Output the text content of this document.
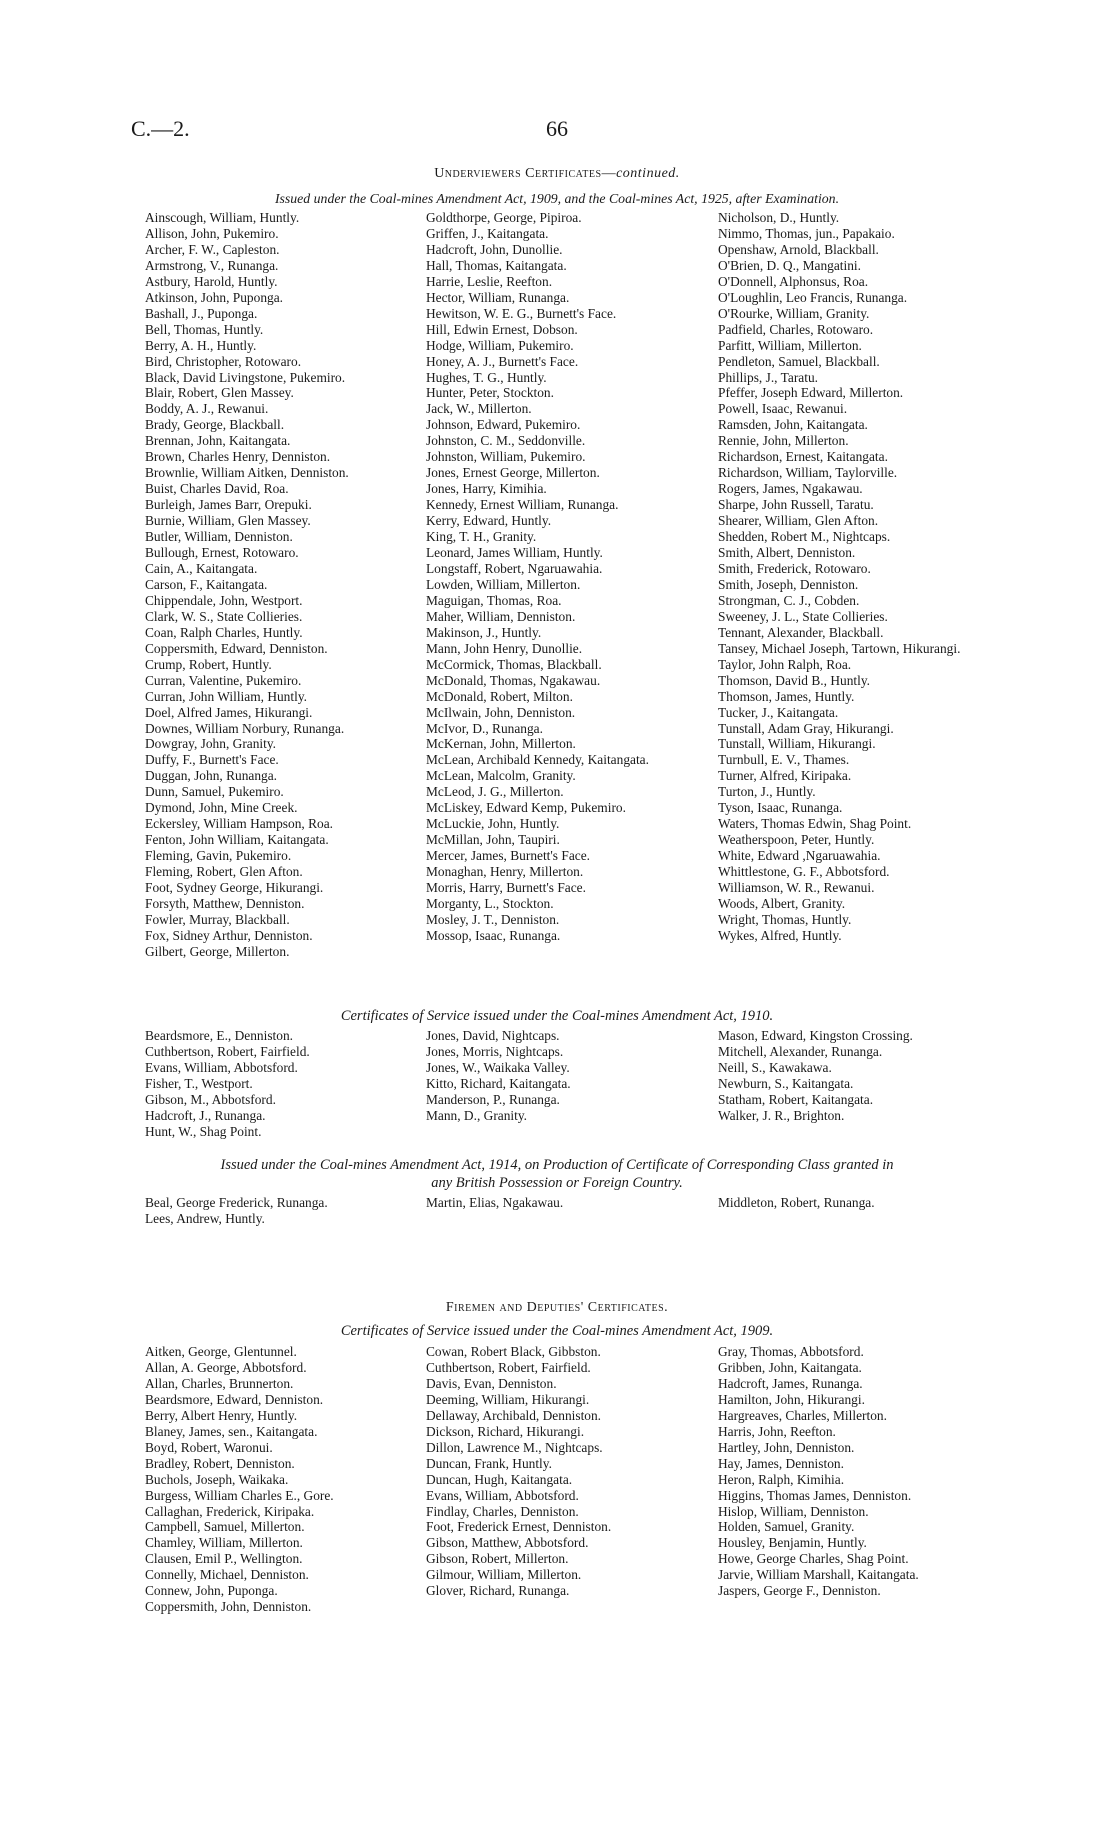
C.—2.	66
Underviewers Certificates—continued.
Issued under the Coal-mines Amendment Act, 1909, and the Coal-mines Act, 1925, after Examination.
Ainscough, William, Huntly.
Allison, John, Pukemiro.
Archer, F. W., Capleston.
Armstrong, V., Runanga.
Astbury, Harold, Huntly.
Atkinson, John, Puponga.
Bashall, J., Puponga.
Bell, Thomas, Huntly.
Berry, A. H., Huntly.
Bird, Christopher, Rotowaro.
Black, David Livingstone, Pukemiro.
Blair, Robert, Glen Massey.
Boddy, A. J., Rewanui.
Brady, George, Blackball.
Brennan, John, Kaitangata.
Brown, Charles Henry, Denniston.
Brownlie, William Aitken, Denniston.
Buist, Charles David, Roa.
Burleigh, James Barr, Orepuki.
Burnie, William, Glen Massey.
Butler, William, Denniston.
Bullough, Ernest, Rotowaro.
Cain, A., Kaitangata.
Carson, F., Kaitangata.
Chippendale, John, Westport.
Clark, W. S., State Collieries.
Coan, Ralph Charles, Huntly.
Coppersmith, Edward, Denniston.
Crump, Robert, Huntly.
Curran, Valentine, Pukemiro.
Curran, John William, Huntly.
Doel, Alfred James, Hikurangi.
Downes, William Norbury, Runanga.
Dowgray, John, Granity.
Duffy, F., Burnett's Face.
Duggan, John, Runanga.
Dunn, Samuel, Pukemiro.
Dymond, John, Mine Creek.
Eckersley, William Hampson, Roa.
Fenton, John William, Kaitangata.
Fleming, Gavin, Pukemiro.
Fleming, Robert, Glen Afton.
Foot, Sydney George, Hikurangi.
Forsyth, Matthew, Denniston.
Fowler, Murray, Blackball.
Fox, Sidney Arthur, Denniston.
Gilbert, George, Millerton.
Goldthorpe, George, Pipiroa.
Griffen, J., Kaitangata.
Hadcroft, John, Dunollie.
Hall, Thomas, Kaitangata.
Harrie, Leslie, Reefton.
Hector, William, Runanga.
Hewitson, W. E. G., Burnett's Face.
Hill, Edwin Ernest, Dobson.
Hodge, William, Pukemiro.
Honey, A. J., Burnett's Face.
Hughes, T. G., Huntly.
Hunter, Peter, Stockton.
Jack, W., Millerton.
Johnson, Edward, Pukemiro.
Johnston, C. M., Seddonville.
Johnston, William, Pukemiro.
Jones, Ernest George, Millerton.
Jones, Harry, Kimihia.
Kennedy, Ernest William, Runanga.
Kerry, Edward, Huntly.
King, T. H., Granity.
Leonard, James William, Huntly.
Longstaff, Robert, Ngaruawahia.
Lowden, William, Millerton.
Maguigan, Thomas, Roa.
Maher, William, Denniston.
Makinson, J., Huntly.
Mann, John Henry, Dunollie.
McCormick, Thomas, Blackball.
McDonald, Thomas, Ngakawau.
McDonald, Robert, Milton.
McIlwain, John, Denniston.
McIvor, D., Runanga.
McKernan, John, Millerton.
McLean, Archibald Kennedy, Kaitangata.
McLean, Malcolm, Granity.
McLeod, J. G., Millerton.
McLiskey, Edward Kemp, Pukemiro.
McLuckie, John, Huntly.
McMillan, John, Taupiri.
Mercer, James, Burnett's Face.
Monaghan, Henry, Millerton.
Morris, Harry, Burnett's Face.
Morganty, L., Stockton.
Mosley, J. T., Denniston.
Mossop, Isaac, Runanga.
Nicholson, D., Huntly.
Nimmo, Thomas, jun., Papakaio.
Openshaw, Arnold, Blackball.
O'Brien, D. Q., Mangatini.
O'Donnell, Alphonsus, Roa.
O'Loughlin, Leo Francis, Runanga.
O'Rourke, William, Granity.
Padfield, Charles, Rotowaro.
Parfitt, William, Millerton.
Pendleton, Samuel, Blackball.
Phillips, J., Taratu.
Pfeffer, Joseph Edward, Millerton.
Powell, Isaac, Rewanui.
Ramsden, John, Kaitangata.
Rennie, John, Millerton.
Richardson, Ernest, Kaitangata.
Richardson, William, Taylorville.
Rogers, James, Ngakawau.
Sharpe, John Russell, Taratu.
Shearer, William, Glen Afton.
Shedden, Robert M., Nightcaps.
Smith, Albert, Denniston.
Smith, Frederick, Rotowaro.
Smith, Joseph, Denniston.
Strongman, C. J., Cobden.
Sweeney, J. L., State Collieries.
Tennant, Alexander, Blackball.
Tansey, Michael Joseph, Tartown, Hikurangi.
Taylor, John Ralph, Roa.
Thomson, David B., Huntly.
Thomson, James, Huntly.
Tucker, J., Kaitangata.
Tunstall, Adam Gray, Hikurangi.
Tunstall, William, Hikurangi.
Turnbull, E. V., Thames.
Turner, Alfred, Kiripaka.
Turton, J., Huntly.
Tyson, Isaac, Runanga.
Waters, Thomas Edwin, Shag Point.
Weatherspoon, Peter, Huntly.
White, Edward ,Ngaruawahia.
Whittlestone, G. F., Abbotsford.
Williamson, W. R., Rewanui.
Woods, Albert, Granity.
Wright, Thomas, Huntly.
Wykes, Alfred, Huntly.
Certificates of Service issued under the Coal-mines Amendment Act, 1910.
Beardsmore, E., Denniston.
Cuthbertson, Robert, Fairfield.
Evans, William, Abbotsford.
Fisher, T., Westport.
Gibson, M., Abbotsford.
Hadcroft, J., Runanga.
Hunt, W., Shag Point.
Jones, David, Nightcaps.
Jones, Morris, Nightcaps.
Jones, W., Waikaka Valley.
Kitto, Richard, Kaitangata.
Manderson, P., Runanga.
Mann, D., Granity.
Mason, Edward, Kingston Crossing.
Mitchell, Alexander, Runanga.
Neill, S., Kawakawa.
Newburn, S., Kaitangata.
Statham, Robert, Kaitangata.
Walker, J. R., Brighton.
Issued under the Coal-mines Amendment Act, 1914, on Production of Certificate of Corresponding Class granted in
any British Possession or Foreign Country.
Beal, George Frederick, Runanga.
Lees, Andrew, Huntly.
Martin, Elias, Ngakawau.	Middleton, Robert, Runanga.
Firemen and Deputies' Certificates.
Certificates of Service issued under the Coal-mines Amendment Act, 1909.
Aitken, George, Glentunnel.
Allan, A. George, Abbotsford.
Allan, Charles, Brunnerton.
Beardsmore, Edward, Denniston.
Berry, Albert Henry, Huntly.
Blaney, James, sen., Kaitangata.
Boyd, Robert, Waronui.
Bradley, Robert, Denniston.
Buchols, Joseph, Waikaka.
Burgess, William Charles E., Gore.
Callaghan, Frederick, Kiripaka.
Campbell, Samuel, Millerton.
Chamley, William, Millerton.
Clausen, Emil P., Wellington.
Connelly, Michael, Denniston.
Connew, John, Puponga.
Coppersmith, John, Denniston.
Cowan, Robert Black, Gibbston.
Cuthbertson, Robert, Fairfield.
Davis, Evan, Denniston.
Deeming, William, Hikurangi.
Dellaway, Archibald, Denniston.
Dickson, Richard, Hikurangi.
Dillon, Lawrence M., Nightcaps.
Duncan, Frank, Huntly.
Duncan, Hugh, Kaitangata.
Evans, William, Abbotsford.
Findlay, Charles, Denniston.
Foot, Frederick Ernest, Denniston.
Gibson, Matthew, Abbotsford.
Gibson, Robert, Millerton.
Gilmour, William, Millerton.
Glover, Richard, Runanga.
Gray, Thomas, Abbotsford.
Gribben, John, Kaitangata.
Hadcroft, James, Runanga.
Hamilton, John, Hikurangi.
Hargreaves, Charles, Millerton.
Harris, John, Reefton.
Hartley, John, Denniston.
Hay, James, Denniston.
Heron, Ralph, Kimihia.
Higgins, Thomas James, Denniston.
Hislop, William, Denniston.
Holden, Samuel, Granity.
Housley, Benjamin, Huntly.
Howe, George Charles, Shag Point.
Jarvie, William Marshall, Kaitangata.
Jaspers, George F., Denniston.
